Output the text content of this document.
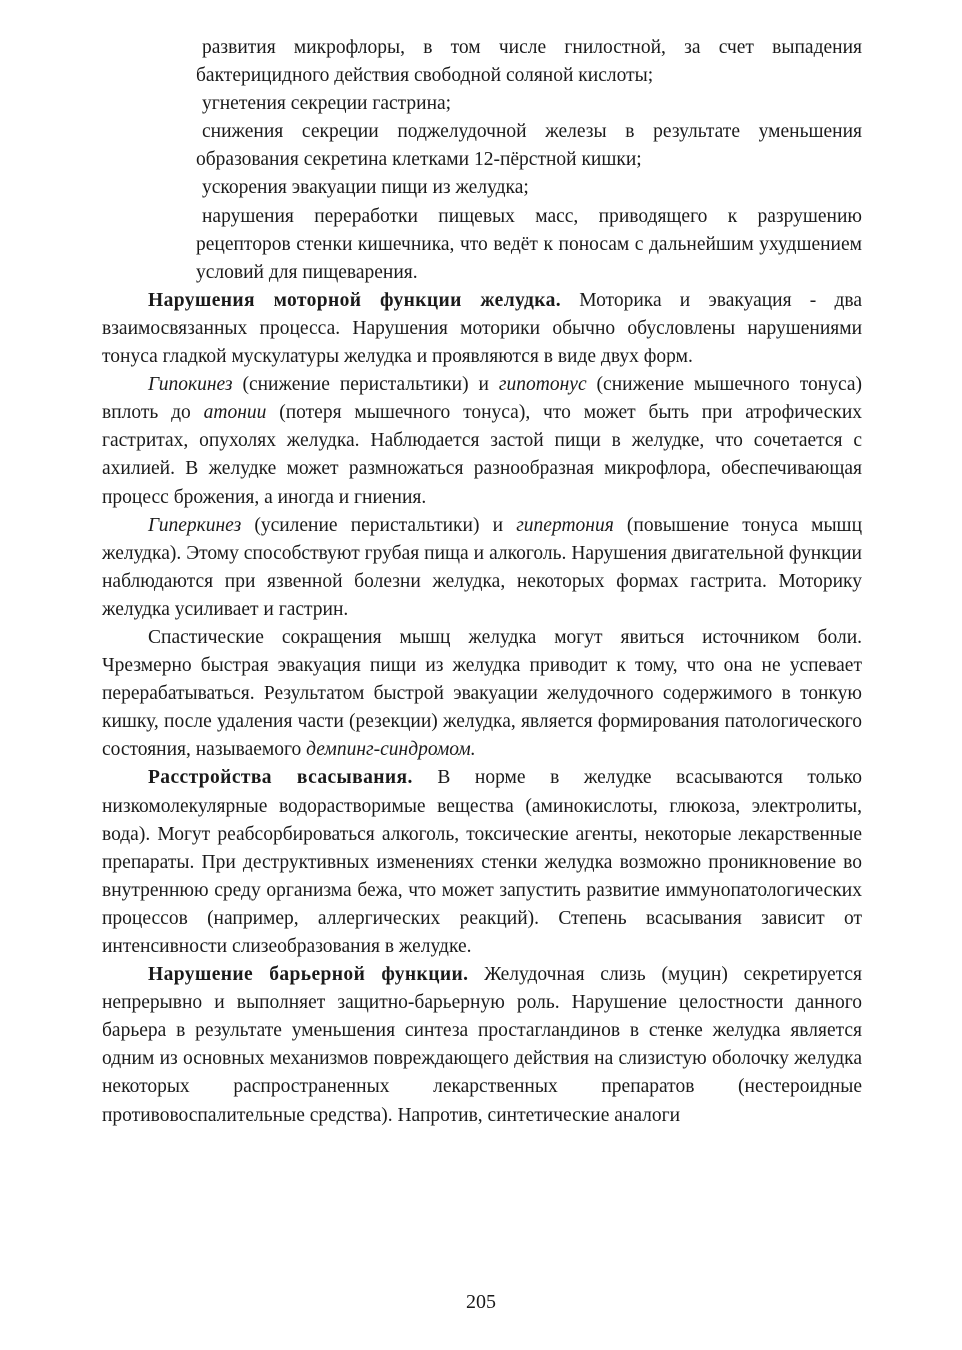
развития микрофлоры, в том числе гнилостной, за счет выпадения бактерицидного действия свободной соляной кислоты;

угнетения секреции гастрина;

снижения секреции поджелудочной железы в результате уменьшения образования секретина клетками 12-пёрстной кишки;

ускорения эвакуации пищи из желудка;

нарушения переработки пищевых масс, приводящего к разрушению рецепторов стенки кишечника, что ведёт к поносам с дальнейшим ухудшением условий для пищеварения.

Нарушения моторной функции желудка. Моторика и эвакуация - два взаимосвязанных процесса. Нарушения моторики обычно обусловлены нарушениями тонуса гладкой мускулатуры желудка и проявляются в виде двух форм.

Гипокинез (снижение перистальтики) и гипотонус (снижение мышечного тонуса) вплоть до атонии (потеря мышечного тонуса), что может быть при атрофических гастритах, опухолях желудка. Наблюдается застой пищи в желудке, что сочетается с ахилией. В желудке может размножаться разнообразная микрофлора, обеспечивающая процесс брожения, а иногда и гниения.

Гиперкинез (усиление перистальтики) и гипертония (повышение тонуса мышц желудка). Этому способствуют грубая пища и алкоголь. Нарушения двигательной функции наблюдаются при язвенной болезни желудка, некоторых формах гастрита. Моторику желудка усиливает и гастрин.

Спастические сокращения мышц желудка могут явиться источником боли. Чрезмерно быстрая эвакуация пищи из желудка приводит к тому, что она не успевает перерабатываться. Результатом быстрой эвакуации желудочного содержимого в тонкую кишку, после удаления части (резекции) желудка, является формирования патологического состояния, называемого демпинг-синдромом.

Расстройства всасывания. В норме в желудке всасываются только низкомолекулярные водорастворимые вещества (аминокислоты, глюкоза, электролиты, вода). Могут реабсорбироваться алкоголь, токсические агенты, некоторые лекарственные препараты. При деструктивных изменениях стенки желудка возможно проникновение во внутреннюю среду организма бежа, что может запустить развитие иммунопатологических процессов (например, аллергических реакций). Степень всасывания зависит от интенсивности слизеобразования в желудке.

Нарушение барьерной функции. Желудочная слизь (муцин) секретируется непрерывно и выполняет защитно-барьерную роль. Нарушение целостности данного барьера в результате уменьшения синтеза простагландинов в стенке желудка является одним из основных механизмов повреждающего действия на слизистую оболочку желудка некоторых распространенных лекарственных препаратов (нестероидные противовоспалительные средства). Напротив, синтетические аналоги

205
